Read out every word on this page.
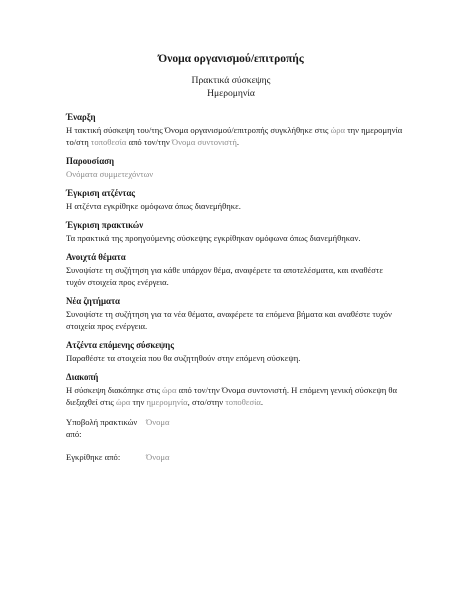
Όνομα οργανισμού/επιτροπής

Πρακτικά σύσκεψης

Ημερομηνία

Έναρξη

Η τακτική σύσκεψη του/της Όνομα οργανισμού/επιτροπής συγκλήθηκε στις ώρα την ημερομηνία το/στη τοποθεσία από τον/την Όνομα συντονιστή.

Παρουσίαση

Ονόματα συμμετεχόντων

Έγκριση ατζέντας

Η ατζέντα εγκρίθηκε ομόφωνα όπως διανεμήθηκε.

Έγκριση πρακτικών

Τα πρακτικά της προηγούμενης σύσκεψης εγκρίθηκαν ομόφωνα όπως διανεμήθηκαν.

Ανοιχτά θέματα

Συνοψίστε τη συζήτηση για κάθε υπάρχον θέμα, αναφέρετε τα αποτελέσματα, και αναθέστε τυχόν στοιχεία προς ενέργεια.

Νέα ζητήματα

Συνοψίστε τη συζήτηση για τα νέα θέματα, αναφέρετε τα επόμενα βήματα και αναθέστε τυχόν στοιχεία προς ενέργεια.

Ατζέντα επόμενης σύσκεψης

Παραθέστε τα στοιχεία που θα συζητηθούν στην επόμενη σύσκεψη.

Διακοπή

Η σύσκεψη διακόπηκε στις ώρα από τον/την Όνομα συντονιστή. Η επόμενη γενική σύσκεψη θα διεξαχθεί στις ώρα την ημερομηνία, στο/στην τοποθεσία.

Υποβολή πρακτικών από:
Όνομα
Εγκρίθηκε από:	Όνομα
